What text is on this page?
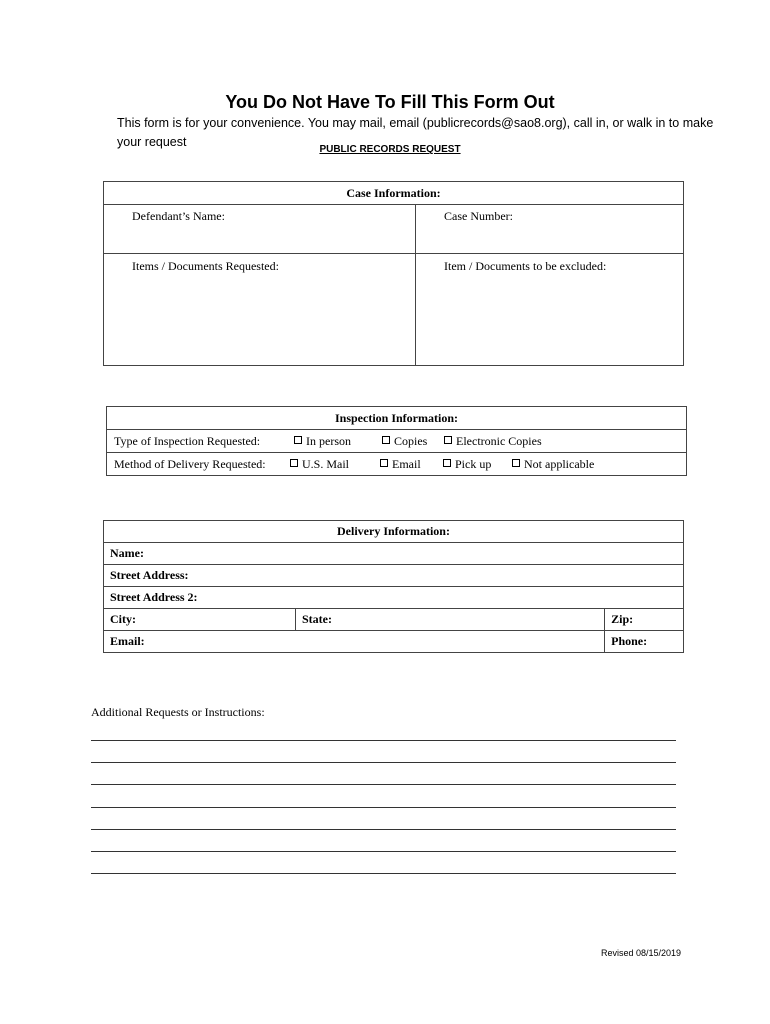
You Do Not Have To Fill This Form Out
This form is for your convenience. You may mail, email (publicrecords@sao8.org), call in, or walk in to make your request
PUBLIC RECORDS REQUEST
Case Information:	
Defendant’s Name:	Case Number:
Items / Documents Requested:	Item / Documents to be excluded:
Inspection Information:
Type of Inspection Requested:	In person	Copies Electronic Copies
Method of Delivery Requested:	U.S. Mail	Email	Pick up	Not applicable
Delivery Information:		
Name:		
Street Address:		
Street Address 2:		
City:	State:	Zip:
Email:		Phone:
Additional Requests or Instructions:
Revised 08/15/2019
